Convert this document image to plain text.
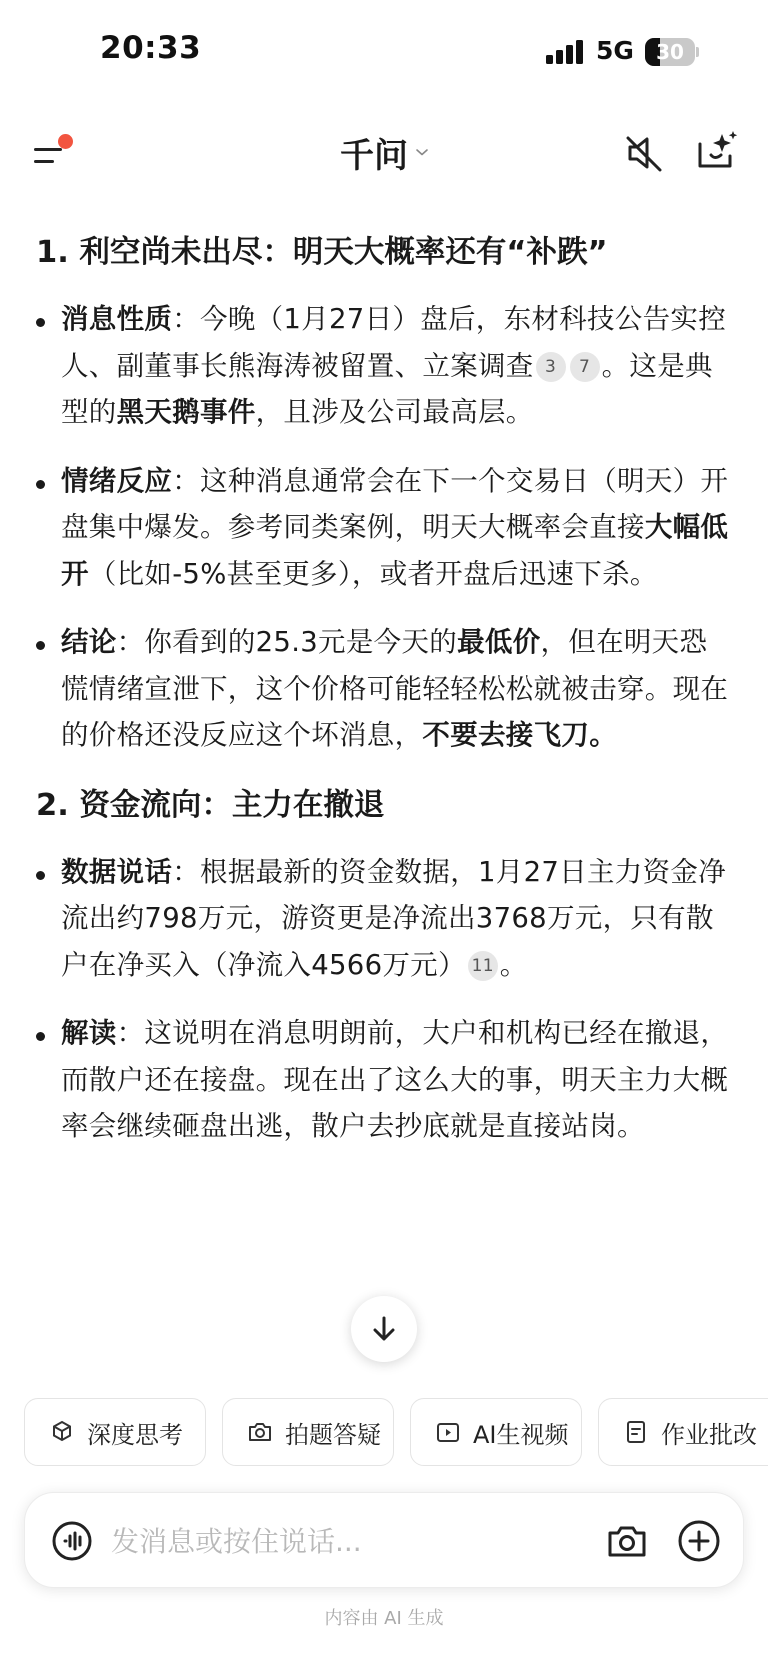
20:33	5G	30
千问
1. 利空尚未出尽：明天大概率还有“补跌”

消息性质：今晚（1月27日）盘后，东材科技公告实控人、副董事长熊海涛被留置、立案调查 3 7 。这是典型的黑天鹅事件，且涉及公司最高层。

情绪反应：这种消息通常会在下一个交易日（明天）开盘集中爆发。参考同类案例，明天大概率会直接大幅低开（比如-5%甚至更多），或者开盘后迅速下杀。

结论：你看到的25.3元是今天的最低价，但在明天恐慌情绪宣泄下，这个价格可能轻轻松松就被击穿。现在的价格还没反应这个坏消息，不要去接飞刀。

2. 资金流向：主力在撤退

数据说话：根据最新的资金数据，1月27日主力资金净流出约798万元，游资更是净流出3768万元，只有散户在净买入（净流入4566万元） 11 。

解读：这说明在消息明朗前，大户和机构已经在撤退，而散户还在接盘。现在出了这么大的事，明天主力大概率会继续砸盘出逃，散户去抄底就是直接站岗。

深度思考	拍题答疑	AI生视频	作业批改
发消息或按住说话...
内容由 AI 生成
